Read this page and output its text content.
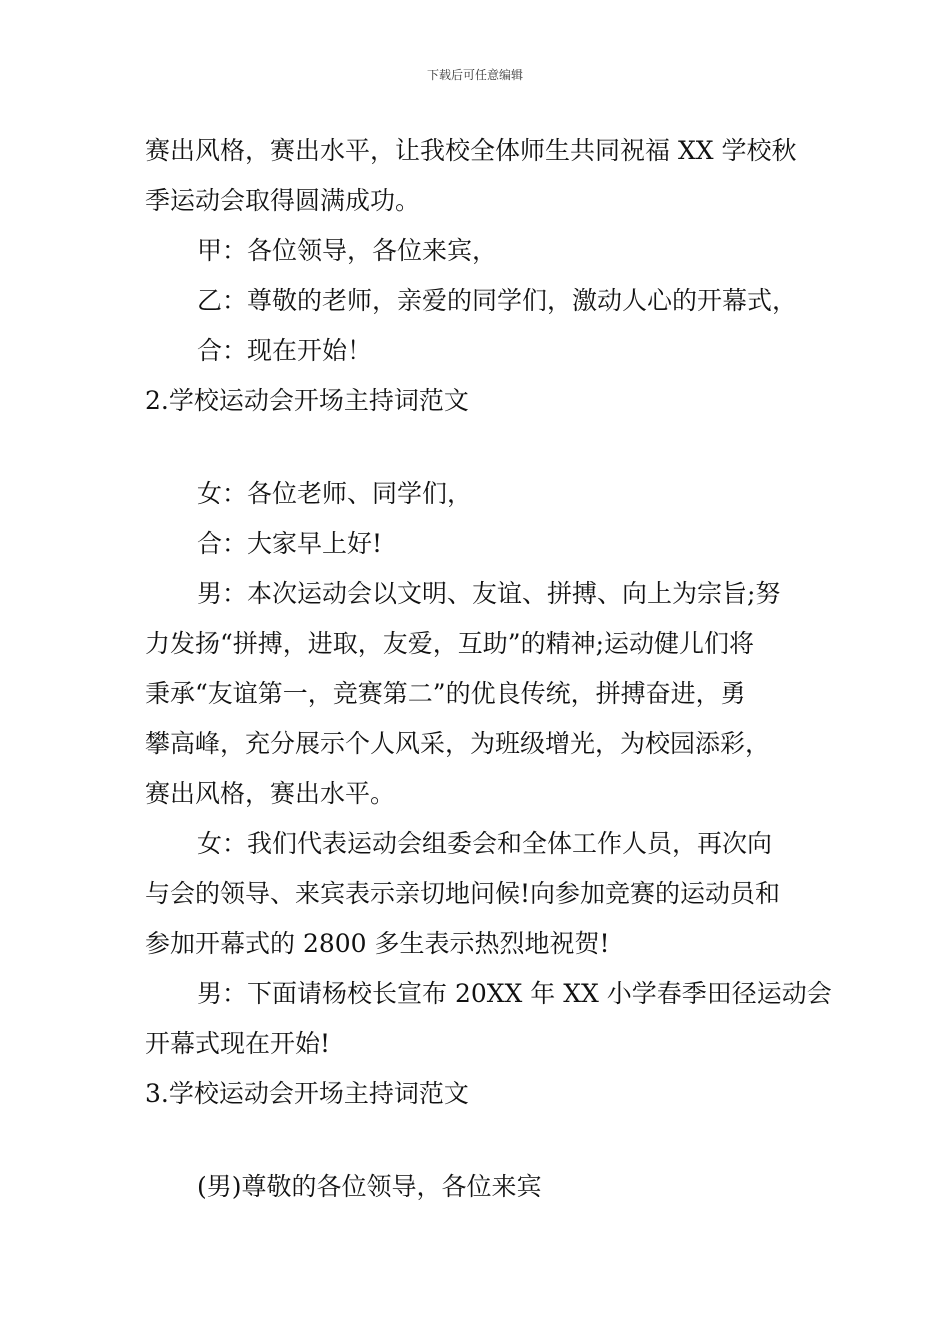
下载后可任意编辑
赛出风格，赛出水平，让我校全体师生共同祝福 XX 学校秋
季运动会取得圆满成功。
甲：各位领导，各位来宾，
乙：尊敬的老师，亲爱的同学们，激动人心的开幕式，
合：现在开始！
2.学校运动会开场主持词范文
女：各位老师、同学们，
合：大家早上好!
男：本次运动会以文明、友谊、拼搏、向上为宗旨;努
力发扬“拼搏，进取，友爱，互助”的精神;运动健儿们将
秉承“友谊第一，竞赛第二”的优良传统，拼搏奋进，勇
攀高峰，充分展示个人风采，为班级增光，为校园添彩，
赛出风格，赛出水平。
女：我们代表运动会组委会和全体工作人员，再次向
与会的领导、来宾表示亲切地问候!向参加竞赛的运动员和
参加开幕式的 2800 多生表示热烈地祝贺!
男：下面请杨校长宣布 20XX 年 XX 小学春季田径运动会
开幕式现在开始!
3.学校运动会开场主持词范文
(男)尊敬的各位领导，各位来宾
